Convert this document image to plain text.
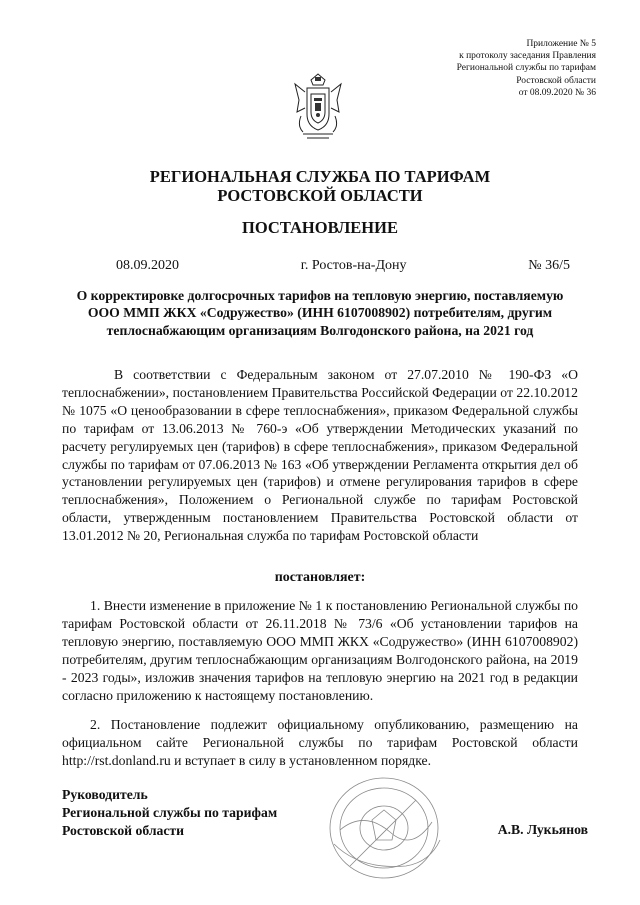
Приложение № 5
к протоколу заседания Правления
Региональной службы по тарифам
Ростовской области
от 08.09.2020 № 36
РЕГИОНАЛЬНАЯ СЛУЖБА ПО ТАРИФАМ
РОСТОВСКОЙ ОБЛАСТИ
ПОСТАНОВЛЕНИЕ
08.09.2020	г. Ростов-на-Дону	№ 36/5
О корректировке долгосрочных тарифов на тепловую энергию, поставляемую ООО ММП ЖКХ «Содружество» (ИНН 6107008902) потребителям, другим теплоснабжающим организациям Волгодонского района, на 2021 год
В соответствии с Федеральным законом от 27.07.2010 № 190-ФЗ «О теплоснабжении», постановлением Правительства Российской Федерации от 22.10.2012 № 1075 «О ценообразовании в сфере теплоснабжения», приказом Федеральной службы по тарифам от 13.06.2013 № 760-э «Об утверждении Методических указаний по расчету регулируемых цен (тарифов) в сфере теплоснабжения», приказом Федеральной службы по тарифам от 07.06.2013 № 163 «Об утверждении Регламента открытия дел об установлении регулируемых цен (тарифов) и отмене регулирования тарифов в сфере теплоснабжения», Положением о Региональной службе по тарифам Ростовской области, утвержденным постановлением Правительства Ростовской области от 13.01.2012 № 20, Региональная служба по тарифам Ростовской области
постановляет:
1. Внести изменение в приложение № 1 к постановлению Региональной службы по тарифам Ростовской области от 26.11.2018 № 73/6 «Об установлении тарифов на тепловую энергию, поставляемую ООО ММП ЖКХ «Содружество» (ИНН 6107008902) потребителям, другим теплоснабжающим организациям Волгодонского района, на 2019 - 2023 годы», изложив значения тарифов на тепловую энергию на 2021 год в редакции согласно приложению к настоящему постановлению.
2. Постановление подлежит официальному опубликованию, размещению на официальном сайте Региональной службы по тарифам Ростовской области http://rst.donland.ru и вступает в силу в установленном порядке.
Руководитель
Региональной службы по тарифам
Ростовской области	А.В. Лукьянов
